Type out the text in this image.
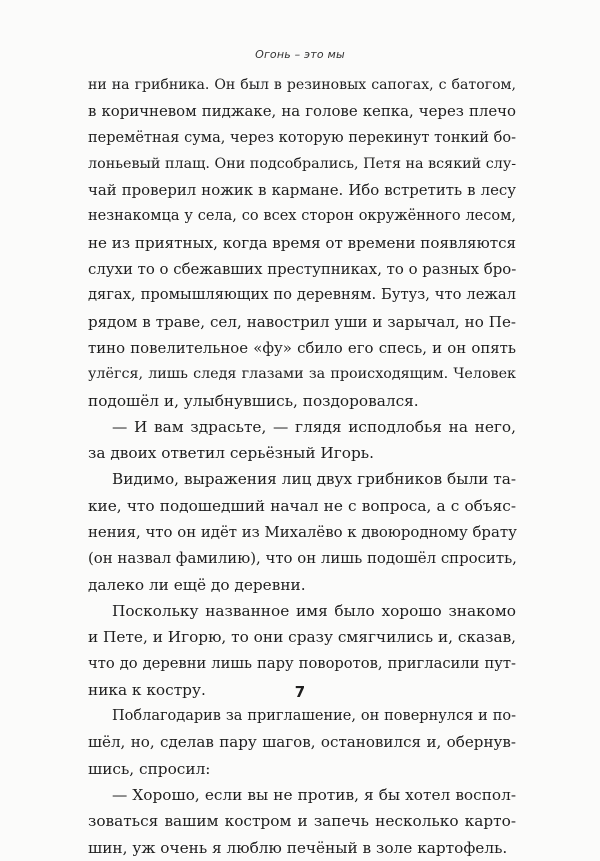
Огонь – это мы
ни на грибника. Он был в резиновых сапогах, с батогом,
в коричневом пиджаке, на голове кепка, через плечо
перемётная сума, через которую перекинут тонкий бо-
лоньевый плащ. Они подсобрались, Петя на всякий слу-
чай проверил ножик в кармане. Ибо встретить в лесу
незнакомца у села, со всех сторон окружённого лесом,
не из приятных, когда время от времени появляются
слухи то о сбежавших преступниках, то о разных бро-
дягах, промышляющих по деревням. Бутуз, что лежал
рядом в траве, сел, навострил уши и зарычал, но Пе-
тино повелительное «фу» сбило его спесь, и он опять
улёгся, лишь следя глазами за происходящим. Человек
подошёл и, улыбнувшись, поздоровался.
— И вам здрасьте, — глядя исподлобья на него,
за двоих ответил серьёзный Игорь.
Видимо, выражения лиц двух грибников были та-
кие, что подошедший начал не с вопроса, а с объяс-
нения, что он идёт из Михалёво к двоюродному брату
(он назвал фамилию), что он лишь подошёл спросить,
далеко ли ещё до деревни.
Поскольку названное имя было хорошо знакомо
и Пете, и Игорю, то они сразу смягчились и, сказав,
что до деревни лишь пару поворотов, пригласили пут-
ника к костру.
Поблагодарив за приглашение, он повернулся и по-
шёл, но, сделав пару шагов, остановился и, обернув-
шись, спросил:
— Хорошо, если вы не против, я бы хотел воспол-
зоваться вашим костром и запечь несколько карто-
шин, уж очень я люблю печёный в золе картофель.
7
